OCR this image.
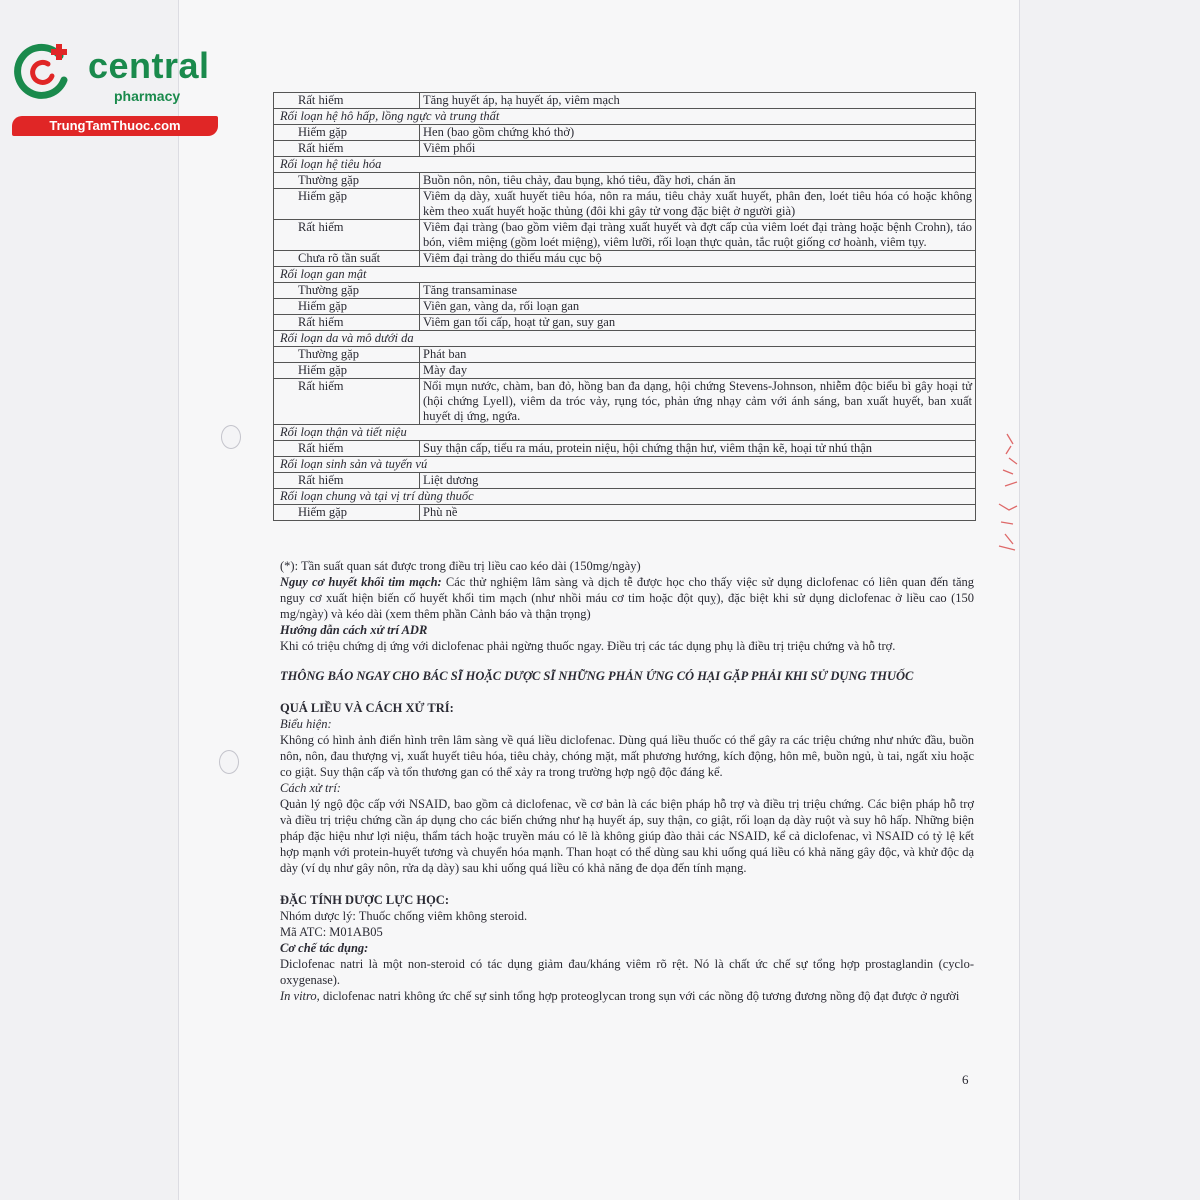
central
pharmacy
TrungTamThuoc.com
Rất hiếm	Tăng huyết áp, hạ huyết áp, viêm mạch
Rối loạn hệ hô hấp, lồng ngực và trung thất	
Hiếm gặp	Hen (bao gồm chứng khó thở)
Rất hiếm	Viêm phổi
Rối loạn hệ tiêu hóa	
Thường gặp	Buồn nôn, nôn, tiêu chảy, đau bụng, khó tiêu, đầy hơi, chán ăn
Hiếm gặp	Viêm dạ dày, xuất huyết tiêu hóa, nôn ra máu, tiêu chảy xuất huyết, phân đen, loét tiêu hóa có hoặc không kèm theo xuất huyết hoặc thủng (đôi khi gây tử vong đặc biệt ở người già)
Rất hiếm	Viêm đại tràng (bao gồm viêm đại tràng xuất huyết và đợt cấp của viêm loét đại tràng hoặc bệnh Crohn), táo bón, viêm miệng (gồm loét miệng), viêm lưỡi, rối loạn thực quản, tắc ruột giống cơ hoành, viêm tụy.
Chưa rõ tần suất	Viêm đại tràng do thiếu máu cục bộ
Rối loạn gan mật	
Thường gặp	Tăng transaminase
Hiếm gặp	Viên gan, vàng da, rối loạn gan
Rất hiếm	Viêm gan tối cấp, hoạt tử gan, suy gan
Rối loạn da và mô dưới da	
Thường gặp	Phát ban
Hiếm gặp	Mày đay
Rất hiếm	Nổi mụn nước, chàm, ban đỏ, hồng ban đa dạng, hội chứng Stevens-Johnson, nhiễm độc biểu bì gây hoại tử (hội chứng Lyell), viêm da tróc vảy, rụng tóc, phản ứng nhạy cảm với ánh sáng, ban xuất huyết, ban xuất huyết dị ứng, ngứa.
Rối loạn thận và tiết niệu	
Rất hiếm	Suy thận cấp, tiểu ra máu, protein niệu, hội chứng thận hư, viêm thận kẽ, hoại tử nhú thận
Rối loạn sinh sản và tuyến vú	
Rất hiếm	Liệt dương
Rối loạn chung và tại vị trí dùng thuốc	
Hiếm gặp	Phù nề

(*): Tần suất quan sát được trong điều trị liều cao kéo dài (150mg/ngày)

Nguy cơ huyết khối tim mạch: Các thử nghiệm lâm sàng và dịch tễ được học cho thấy việc sử dụng diclofenac có liên quan đến tăng nguy cơ xuất hiện biến cố huyết khối tim mạch (như nhồi máu cơ tim hoặc đột quỵ), đặc biệt khi sử dụng diclofenac ở liều cao (150 mg/ngày) và kéo dài (xem thêm phần Cảnh báo và thận trọng)

Hướng dẫn cách xử trí ADR

Khi có triệu chứng dị ứng với diclofenac phải ngừng thuốc ngay. Điều trị các tác dụng phụ là điều trị triệu chứng và hỗ trợ.

THÔNG BÁO NGAY CHO BÁC SĨ HOẶC DƯỢC SĨ NHỮNG PHẢN ỨNG CÓ HẠI GẶP PHẢI KHI SỬ DỤNG THUỐC

QUÁ LIỀU VÀ CÁCH XỬ TRÍ:

Biểu hiện:

Không có hình ảnh điển hình trên lâm sàng về quá liều diclofenac. Dùng quá liều thuốc có thể gây ra các triệu chứng như nhức đầu, buồn nôn, nôn, đau thượng vị, xuất huyết tiêu hóa, tiêu chảy, chóng mặt, mất phương hướng, kích động, hôn mê, buồn ngủ, ù tai, ngất xỉu hoặc co giật. Suy thận cấp và tổn thương gan có thể xảy ra trong trường hợp ngộ độc đáng kể.

Cách xử trí:

Quản lý ngộ độc cấp với NSAID, bao gồm cả diclofenac, về cơ bản là các biện pháp hỗ trợ và điều trị triệu chứng. Các biện pháp hỗ trợ và điều trị triệu chứng cần áp dụng cho các biến chứng như hạ huyết áp, suy thận, co giật, rối loạn dạ dày ruột và suy hô hấp. Những biện pháp đặc hiệu như lợi niệu, thẩm tách hoặc truyền máu có lẽ là không giúp đào thải các NSAID, kể cả diclofenac, vì NSAID có tỷ lệ kết hợp mạnh với protein-huyết tương và chuyển hóa mạnh. Than hoạt có thể dùng sau khi uống quá liều có khả năng gây độc, và khử độc dạ dày (ví dụ như gây nôn, rửa dạ dày) sau khi uống quá liều có khả năng đe dọa đến tính mạng.

ĐẶC TÍNH DƯỢC LỰC HỌC:

Nhóm dược lý: Thuốc chống viêm không steroid.

Mã ATC: M01AB05

Cơ chế tác dụng:

Diclofenac natri là một non-steroid có tác dụng giảm đau/kháng viêm rõ rệt. Nó là chất ức chế sự tổng hợp prostaglandin (cyclo-oxygenase).

In vitro, diclofenac natri không ức chế sự sinh tổng hợp proteoglycan trong sụn với các nồng độ tương đương nồng độ đạt được ở người

6
